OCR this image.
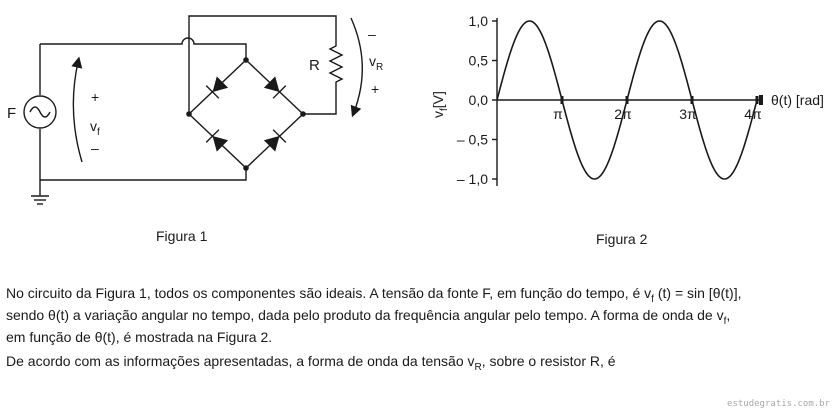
F
+
$v_f$
–
R
–
$v_R$
+
1,0
0,5
0,0
– 0,5
– 1,0
π	2π	3π	4π
θ(t) [rad]
$v_f[V]$
Figura 1	Figura 2
No circuito da Figura 1, todos os componentes são ideais. A tensão da fonte F, em função do tempo, é $v_f$ (t) = sin [θ(t)],
sendo θ(t) a variação angular no tempo, dada pelo produto da frequência angular pelo tempo. A forma de onda de $v_f$,
em função de θ(t), é mostrada na Figura 2.
De acordo com as informações apresentadas, a forma de onda da tensão $v_R$, sobre o resistor R, é
estudegratis.com.br
